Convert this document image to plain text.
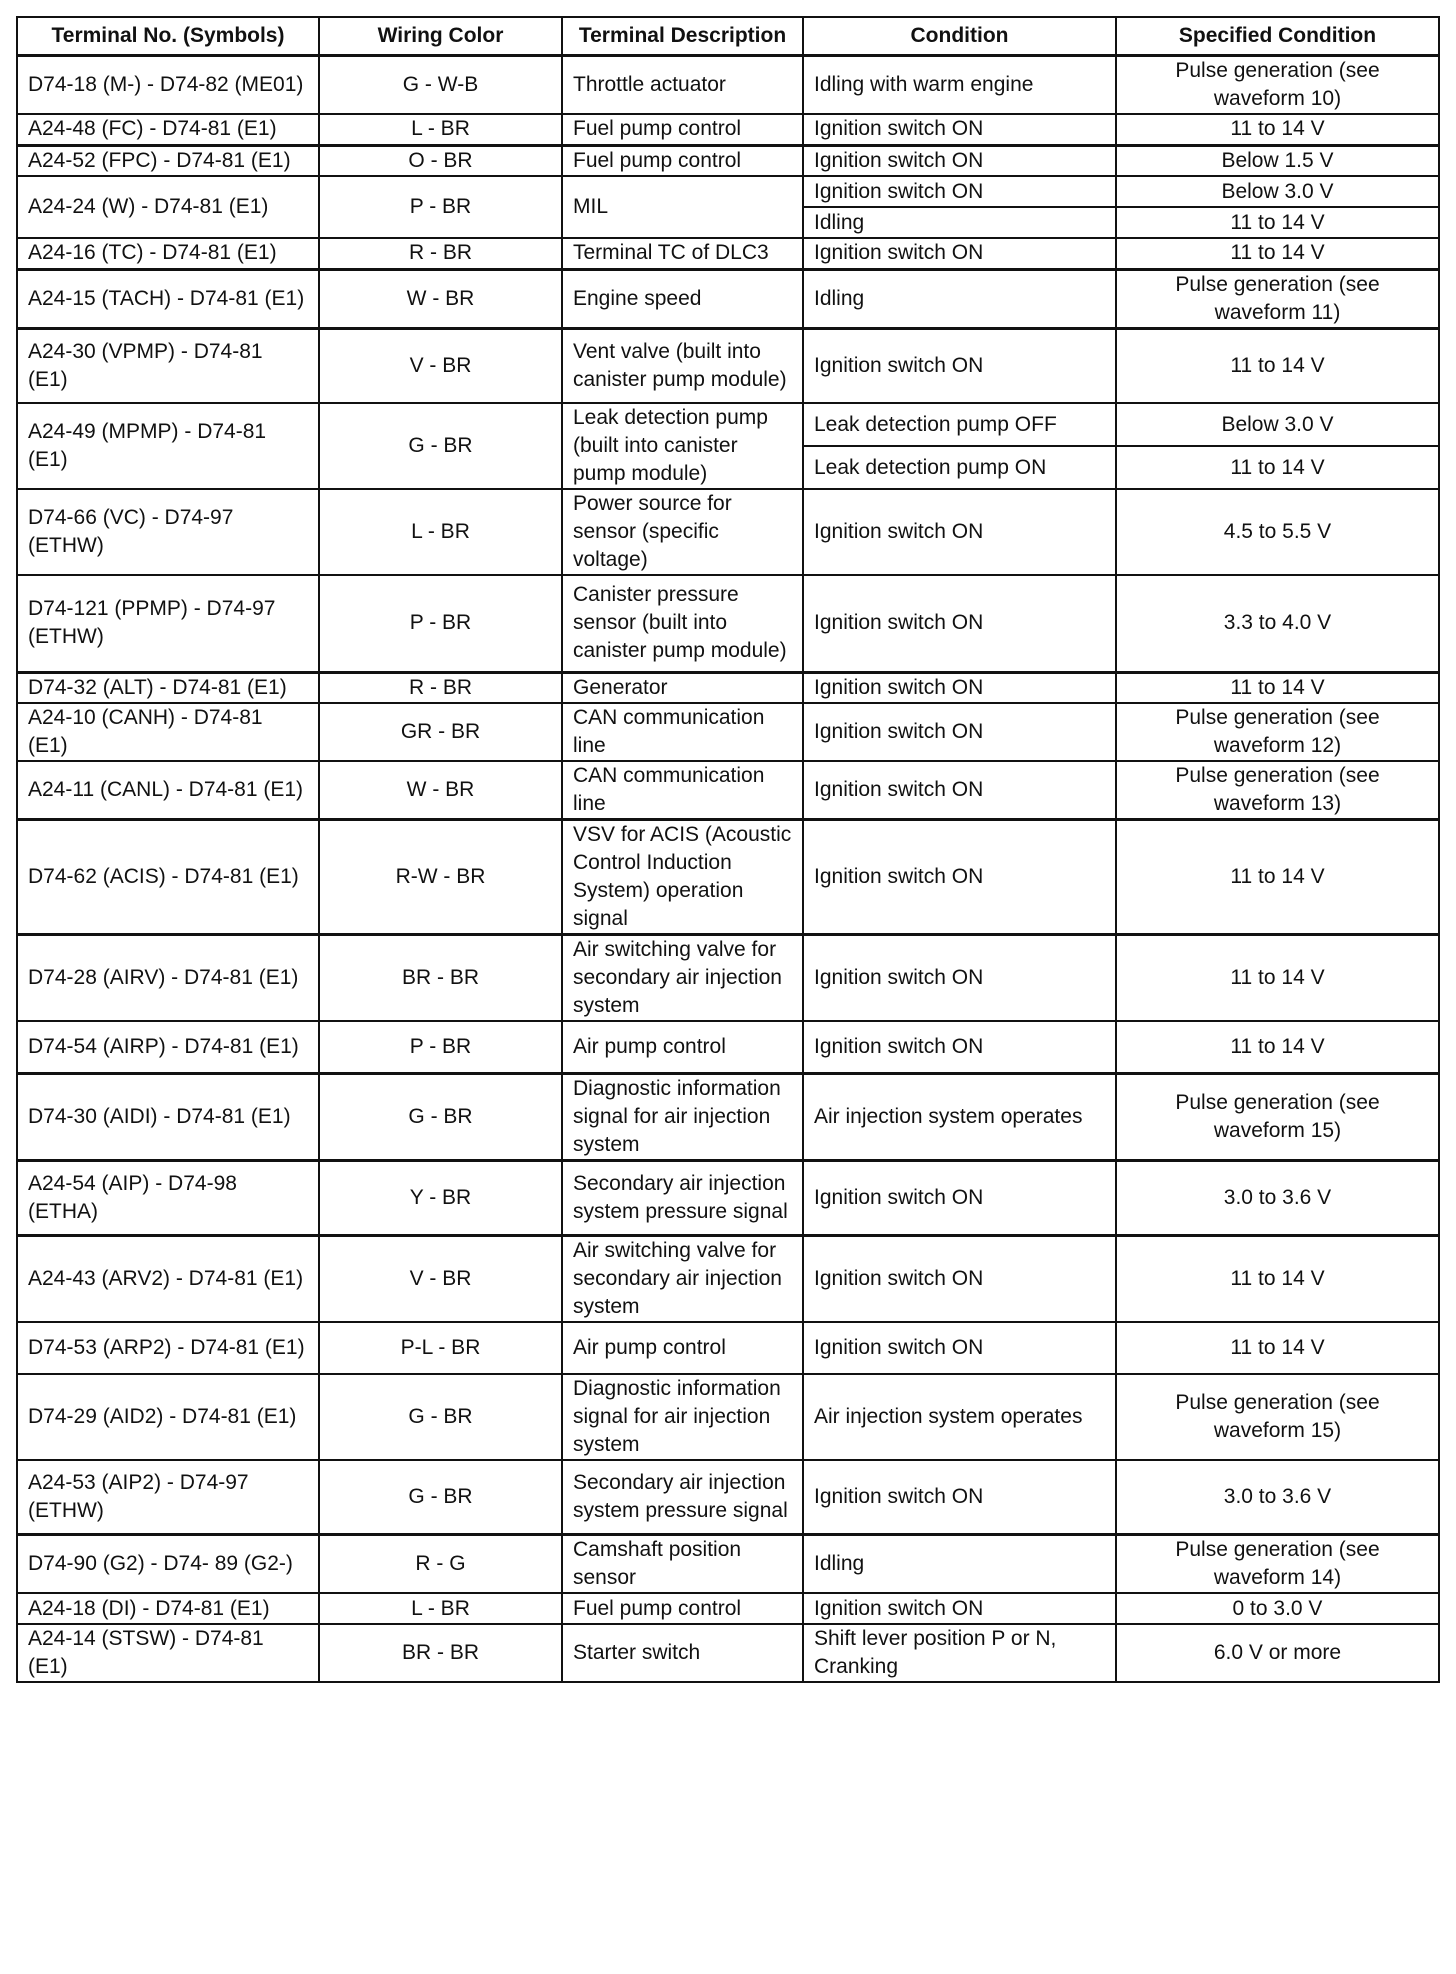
Terminal No. (Symbols)	Wiring Color	Terminal Description	Condition	Specified Condition
D74-18 (M-) - D74-82 (ME01)	G - W-B	Throttle actuator	Idling with warm engine	Pulse generation (see waveform 10)
A24-48 (FC) - D74-81 (E1)	L - BR	Fuel pump control	Ignition switch ON	11 to 14 V
A24-52 (FPC) - D74-81 (E1)	O - BR	Fuel pump control	Ignition switch ON	Below 1.5 V
A24-24 (W) - D74-81 (E1)	P - BR	MIL	Ignition switch ON	Below 3.0 V
			Idling	11 to 14 V
A24-16 (TC) - D74-81 (E1)	R - BR	Terminal TC of DLC3	Ignition switch ON	11 to 14 V
A24-15 (TACH) - D74-81 (E1)	W - BR	Engine speed	Idling	Pulse generation (see waveform 11)
A24-30 (VPMP) - D74-81 (E1)	V - BR	Vent valve (built into canister pump module)	Ignition switch ON	11 to 14 V
A24-49 (MPMP) - D74-81 (E1)	G - BR	Leak detection pump (built into canister pump module)	Leak detection pump OFF	Below 3.0 V
			Leak detection pump ON	11 to 14 V
D74-66 (VC) - D74-97 (ETHW)	L - BR	Power source for sensor (specific voltage)	Ignition switch ON	4.5 to 5.5 V
D74-121 (PPMP) - D74-97 (ETHW)	P - BR	Canister pressure sensor (built into canister pump module)	Ignition switch ON	3.3 to 4.0 V
D74-32 (ALT) - D74-81 (E1)	R - BR	Generator	Ignition switch ON	11 to 14 V
A24-10 (CANH) - D74-81 (E1)	GR - BR	CAN communication line	Ignition switch ON	Pulse generation (see waveform 12)
A24-11 (CANL) - D74-81 (E1)	W - BR	CAN communication line	Ignition switch ON	Pulse generation (see waveform 13)
D74-62 (ACIS) - D74-81 (E1)	R-W - BR	VSV for ACIS (Acoustic Control Induction System) operation signal	Ignition switch ON	11 to 14 V
D74-28 (AIRV) - D74-81 (E1)	BR - BR	Air switching valve for secondary air injection system	Ignition switch ON	11 to 14 V
D74-54 (AIRP) - D74-81 (E1)	P - BR	Air pump control	Ignition switch ON	11 to 14 V
D74-30 (AIDI) - D74-81 (E1)	G - BR	Diagnostic information signal for air injection system	Air injection system operates	Pulse generation (see waveform 15)
A24-54 (AIP) - D74-98 (ETHA)	Y - BR	Secondary air injection system pressure signal	Ignition switch ON	3.0 to 3.6 V
A24-43 (ARV2) - D74-81 (E1)	V - BR	Air switching valve for secondary air injection system	Ignition switch ON	11 to 14 V
D74-53 (ARP2) - D74-81 (E1)	P-L - BR	Air pump control	Ignition switch ON	11 to 14 V
D74-29 (AID2) - D74-81 (E1)	G - BR	Diagnostic information signal for air injection system	Air injection system operates	Pulse generation (see waveform 15)
A24-53 (AIP2) - D74-97 (ETHW)	G - BR	Secondary air injection system pressure signal	Ignition switch ON	3.0 to 3.6 V
D74-90 (G2) - D74- 89 (G2-)	R - G	Camshaft position sensor	Idling	Pulse generation (see waveform 14)
A24-18 (DI) - D74-81 (E1)	L - BR	Fuel pump control	Ignition switch ON	0 to 3.0 V
A24-14 (STSW) - D74-81 (E1)	BR - BR	Starter switch	Shift lever position P or N, Cranking	6.0 V or more
